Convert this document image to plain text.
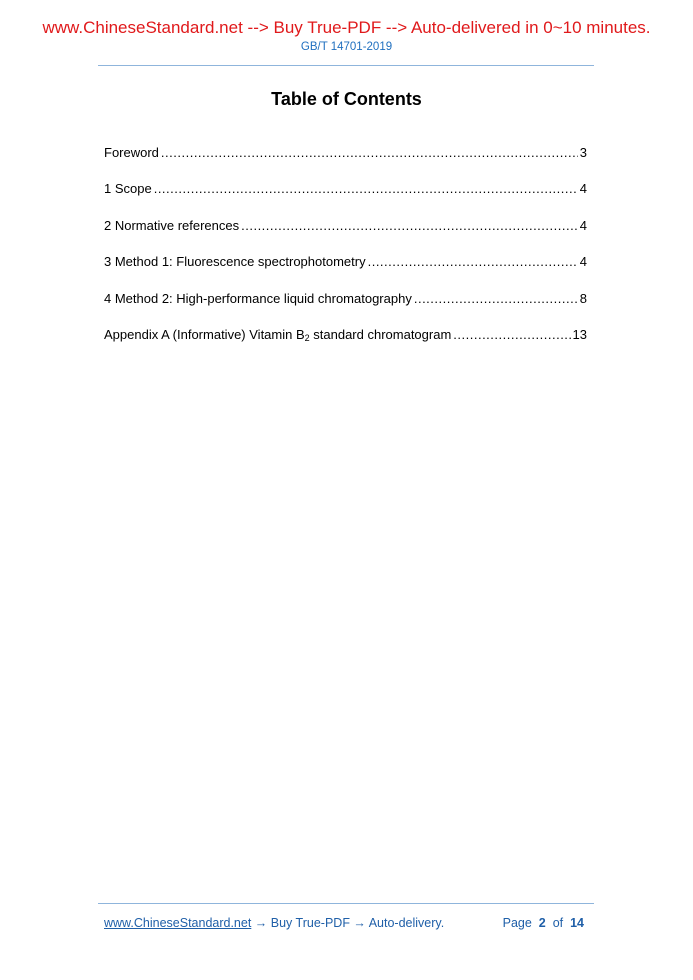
www.ChineseStandard.net --> Buy True-PDF --> Auto-delivered in 0~10 minutes.
GB/T 14701-2019
Table of Contents
Foreword .....	3
1 Scope .....	4
2 Normative references .....	4
3 Method 1: Fluorescence spectrophotometry .....	4
4 Method 2: High-performance liquid chromatography .....	8
Appendix A (Informative) Vitamin $B_2$ standard chromatogram .....	13
www.ChineseStandard.net → Buy True-PDF → Auto-delivery.	Page 2 of 14
